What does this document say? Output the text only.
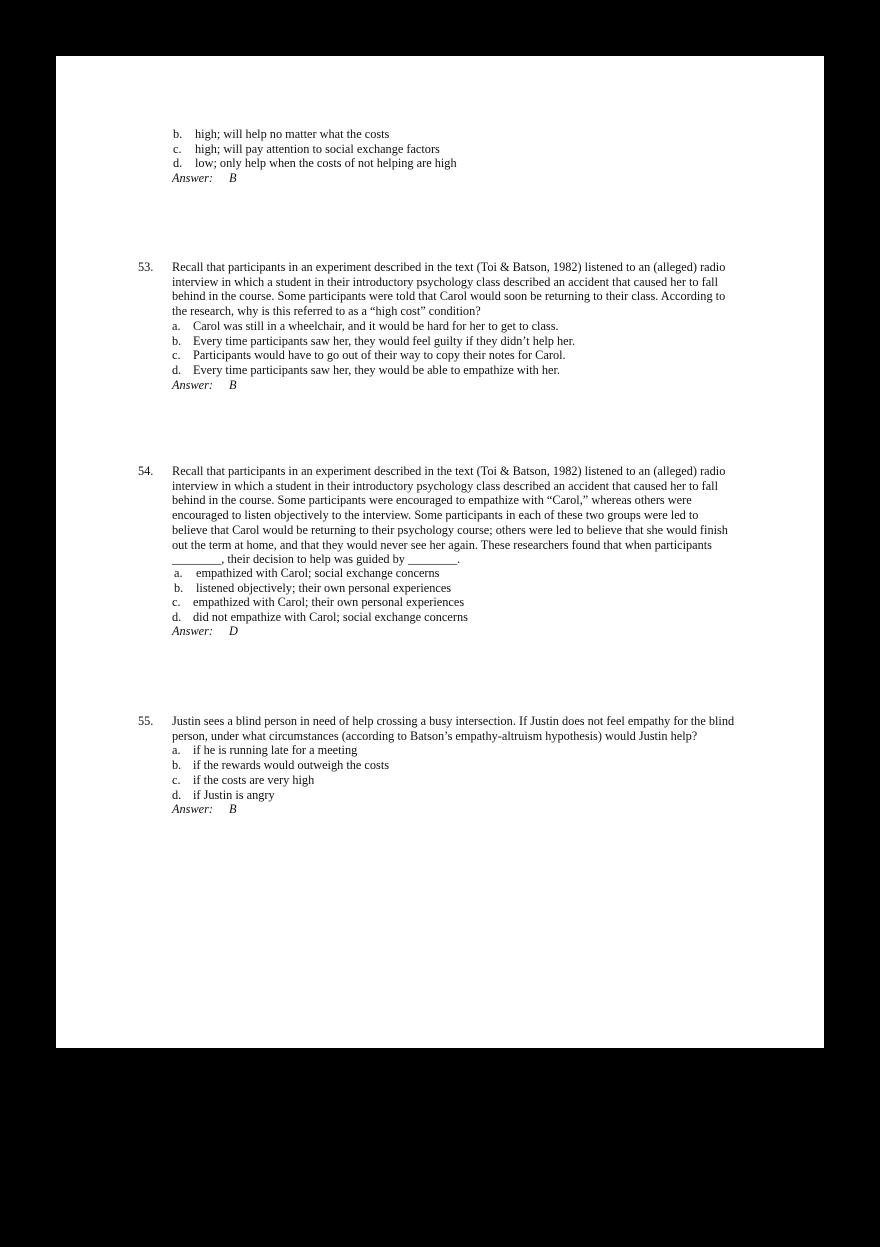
b. high; will help no matter what the costs
c. high; will pay attention to social exchange factors
d. low; only help when the costs of not helping are high
Answer: B
53. Recall that participants in an experiment described in the text (Toi & Batson, 1982) listened to an (alleged) radio
interview in which a student in their introductory psychology class described an accident that caused her to fall
behind in the course. Some participants were told that Carol would soon be returning to their class. According to
the research, why is this referred to as a “high cost” condition?
a. Carol was still in a wheelchair, and it would be hard for her to get to class.
b. Every time participants saw her, they would feel guilty if they didn’t help her.
c. Participants would have to go out of their way to copy their notes for Carol.
d. Every time participants saw her, they would be able to empathize with her.
Answer: B
54. Recall that participants in an experiment described in the text (Toi & Batson, 1982) listened to an (alleged) radio
interview in which a student in their introductory psychology class described an accident that caused her to fall
behind in the course. Some participants were encouraged to empathize with “Carol,” whereas others were
encouraged to listen objectively to the interview. Some participants in each of these two groups were led to
believe that Carol would be returning to their psychology course; others were led to believe that she would finish
out the term at home, and that they would never see her again. These researchers found that when participants
________, their decision to help was guided by ________.
a. empathized with Carol; social exchange concerns
b. listened objectively; their own personal experiences
c. empathized with Carol; their own personal experiences
d. did not empathize with Carol; social exchange concerns
Answer: D
55. Justin sees a blind person in need of help crossing a busy intersection. If Justin does not feel empathy for the blind
person, under what circumstances (according to Batson’s empathy-altruism hypothesis) would Justin help?
a. if he is running late for a meeting
b. if the rewards would outweigh the costs
c. if the costs are very high
d. if Justin is angry
Answer: B
